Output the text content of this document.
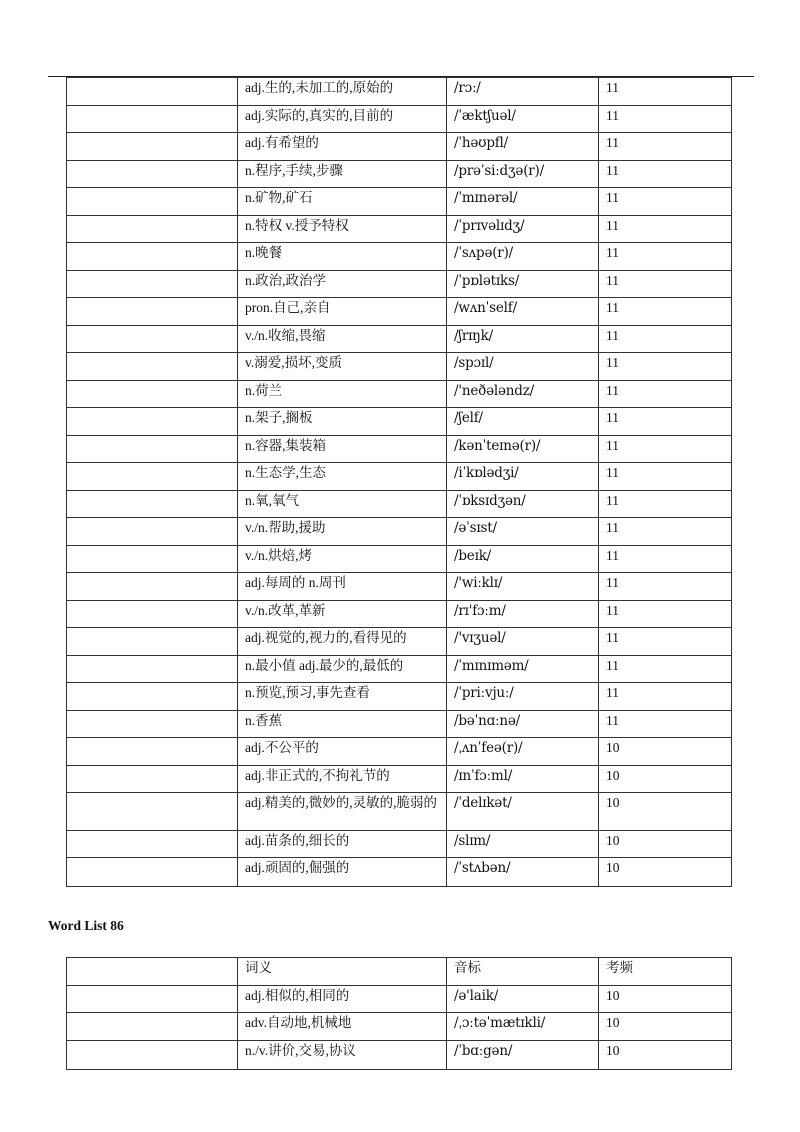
	adj.生的,未加工的,原始的	/rɔː/	11
	adj.实际的,真实的,目前的	/ˈæktʃuəl/	11
	adj.有希望的	/ˈhəʊpfl/	11
	n.程序,手续,步骤	/prəˈsiːdʒə(r)/	11
	n.矿物,矿石	/ˈmɪnərəl/	11
	n.特权 v.授予特权	/ˈprɪvəlɪdʒ/	11
	n.晚餐	/ˈsʌpə(r)/	11
	n.政治,政治学	/ˈpɒlətɪks/	11
	pron.自己,亲自	/wʌnˈself/	11
	v./n.收缩,畏缩	/ʃrɪŋk/	11
	v.溺爱,损坏,变质	/spɔɪl/	11
	n.荷兰	/'neðələndz/	11
	n.架子,搁板	/ʃelf/	11
	n.容器,集装箱	/kənˈteɪnə(r)/	11
	n.生态学,生态	/iˈkɒlədʒi/	11
	n.氧,氧气	/ˈɒksɪdʒən/	11
	v./n.帮助,援助	/əˈsɪst/	11
	v./n.烘焙,烤	/beɪk/	11
	adj.每周的 n.周刊	/'wiːklɪ/	11
	v./n.改革,革新	/rɪ'fɔːm/	11
	adj.视觉的,视力的,看得见的	/'vɪʒuəl/	11
	n.最小值 adj.最少的,最低的	/ˈmɪnɪməm/	11
	n.预览,预习,事先查看	/ˈpriːvjuː/	11
	n.香蕉	/bəˈnɑːnə/	11
	adj.不公平的	/ˌʌnˈfeə(r)/	10
	adj.非正式的,不拘礼节的	/ɪnˈfɔːml/	10
	adj.精美的,微妙的,灵敏的,脆弱的	/ˈdelɪkət/	10
	adj.苗条的,细长的	/slɪm/	10
	adj.顽固的,倔强的	/ˈstʌbən/	10
Word List 86
	词义	音标	考频
	adj.相似的,相同的	/ə'laik/	10
	adv.自动地,机械地	/ˌɔːtəˈmætɪkli/	10
	n./v.讲价,交易,协议	/ˈbɑːgən/	10
